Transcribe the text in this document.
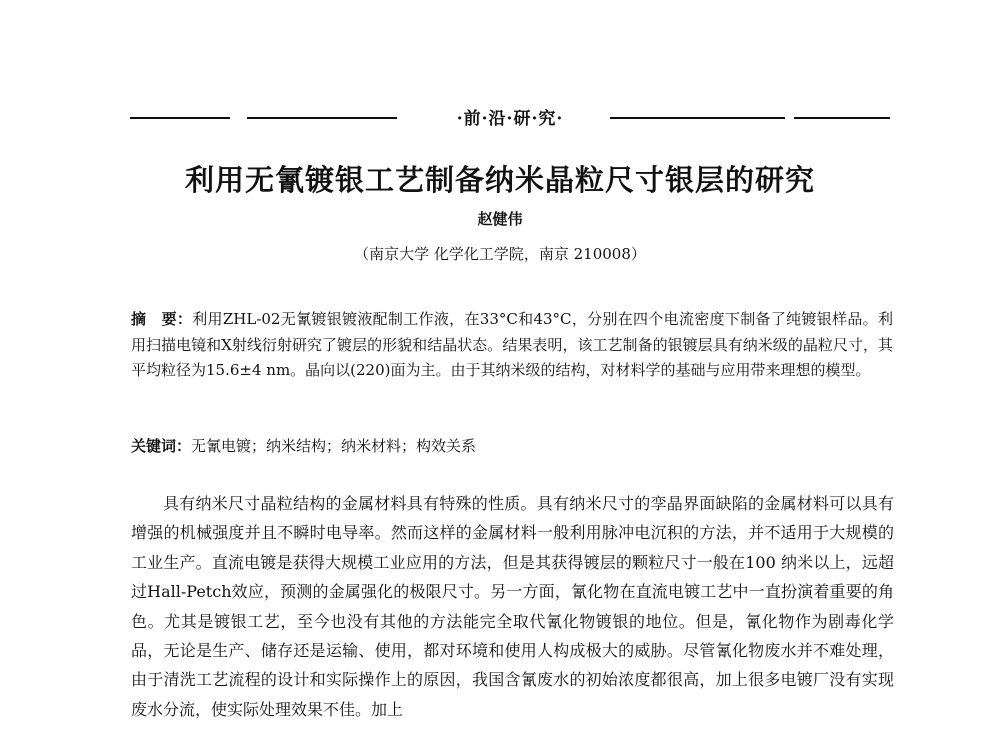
·前·沿·研·究·
利用无氰镀银工艺制备纳米晶粒尺寸银层的研究
赵健伟
（南京大学 化学化工学院，南京 210008）
摘　要：利用ZHL-02无氰镀银镀液配制工作液，在33°C和43°C，分别在四个电流密度下制备了纯镀银样品。利用扫描电镜和X射线衍射研究了镀层的形貌和结晶状态。结果表明，该工艺制备的银镀层具有纳米级的晶粒尺寸，其平均粒径为15.6±4 nm。晶向以(220)面为主。由于其纳米级的结构，对材料学的基础与应用带来理想的模型。
关键词：无氰电镀；纳米结构；纳米材料；构效关系
具有纳米尺寸晶粒结构的金属材料具有特殊的性质。具有纳米尺寸的孪晶界面缺陷的金属材料可以具有增强的机械强度并且不瞬时电导率。然而这样的金属材料一般利用脉冲电沉积的方法，并不适用于大规模的工业生产。直流电镀是获得大规模工业应用的方法，但是其获得镀层的颗粒尺寸一般在100 纳米以上，远超过Hall-Petch效应，预测的金属强化的极限尺寸。另一方面，氰化物在直流电镀工艺中一直扮演着重要的角色。尤其是镀银工艺，至今也没有其他的方法能完全取代氰化物镀银的地位。但是，氰化物作为剧毒化学品，无论是生产、储存还是运输、使用，都对环境和使用人构成极大的威胁。尽管氰化物废水并不难处理，由于清洗工艺流程的设计和实际操作上的原因，我国含氰废水的初始浓度都很高，加上很多电镀厂没有实现废水分流，使实际处理效果不佳。加上
